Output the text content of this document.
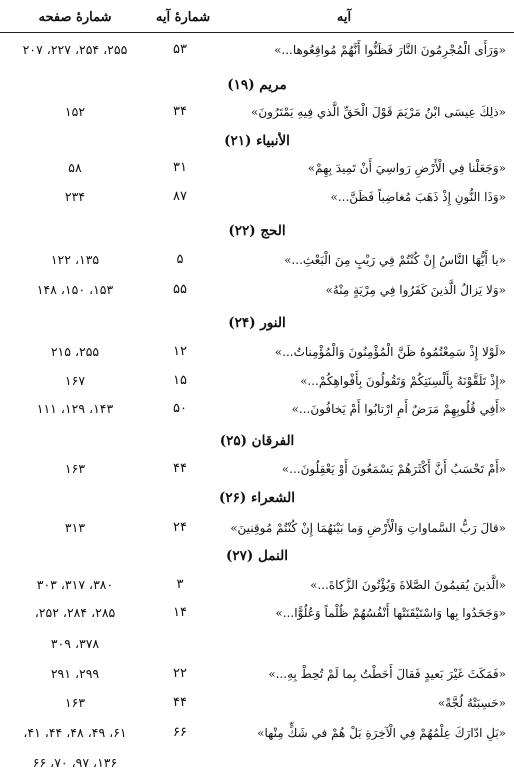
آیه
شمارهٔ آیه
شمارهٔ صفحه
«وَرَأَى الْمُجْرِمُونَ النَّارَ فَظَنُّوا أَنَّهُمْ مُواقِعُوها...»
۵۳
۲۵۵، ۲۵۴، ۲۲۷، ۲۰۷
مريم (۱۹)
«ذلِكَ عِيسَى ابْنُ مَرْيَمَ قَوْلَ الْحَقِّ الَّذي فِيهِ يَمْتَرُونَ»
۳۴
۱۵۲
الأنبياء (۲۱)
«وَجَعَلْنا فِي الْأَرْضِ رَواسِيَ أَنْ تَمِيدَ بِهِمْ»
۳۱
۵۸
«وَذَا النُّونِ إِذْ ذَهَبَ مُغاضِباً فَظَنَّ...»
۸۷
۲۳۴
الحج (۲۲)
«يا أَيُّهَا النَّاسُ إِنْ كُنْتُمْ فِي رَيْبٍ مِنَ الْبَعْثِ...»
۵
۱۳۵، ۱۲۲
«وَلا يَزالُ الَّذينَ كَفَرُوا فِي مِرْيَةٍ مِنْهُ»
۵۵
۱۵۳، ۱۵۰، ۱۴۸
النور (۲۴)
«لَوْلا إِذْ سَمِعْتُمُوهُ ظَنَّ الْمُؤْمِنُونَ وَالْمُؤْمِناتُ...»
۱۲
۲۵۵، ۲۱۵
«إِذْ تَلَقَّوْنَهُ بِأَلْسِنَتِكُمْ وَتَقُولُونَ بِأَفْواهِكُمْ...»
۱۵
۱۶۷
«أَفِي قُلُوبِهِمْ مَرَضٌ أَمِ ارْتابُوا أَمْ يَخافُونَ...»
۵۰
۱۴۳، ۱۲۹، ۱۱۱
الفرقان (۲۵)
«أَمْ تَحْسَبُ أَنَّ أَكْثَرَهُمْ يَسْمَعُونَ أَوْ يَعْقِلُونَ...»
۴۴
۱۶۳
الشعراء (۲۶)
«قالَ رَبُّ السَّماواتِ وَالْأَرْضِ وَما بَيْنَهُمَا إِنْ كُنْتُمْ مُوقِنينَ»
۲۴
۳۱۳
النمل (۲۷)
«الَّذينَ يُقيمُونَ الصَّلاةَ وَيُؤْتُونَ الزَّكاةَ...»
۳
۳۸۰، ۳۱۷، ۳۰۳
«وَجَحَدُوا بِها وَاسْتَيْقَنَتْها أَنْفُسُهُمْ ظُلْماً وَعُلُوًّا...»
۱۴
۲۸۵، ۲۸۴، ۲۵۲،
۳۷۸، ۳۰۹
«فَمَكَثَ غَيْرَ بَعيدٍ فَقالَ أَحَطْتُ بِما لَمْ تُحِطْ بِهِ...»
۲۲
۲۹۹، ۲۹۱
«حَسِبَتْهُ لُجَّةً»
۴۴
۱۶۳
«بَلِ ادّارَكَ عِلْمُهُمْ فِي الْآخِرَةِ بَلْ هُمْ في شَكٍّ مِنْها»
۶۶
۶۱، ۴۹، ۴۸، ۴۴، ۴۱،
۱۳۶، ۹۷، ۷۰، ۶۶
